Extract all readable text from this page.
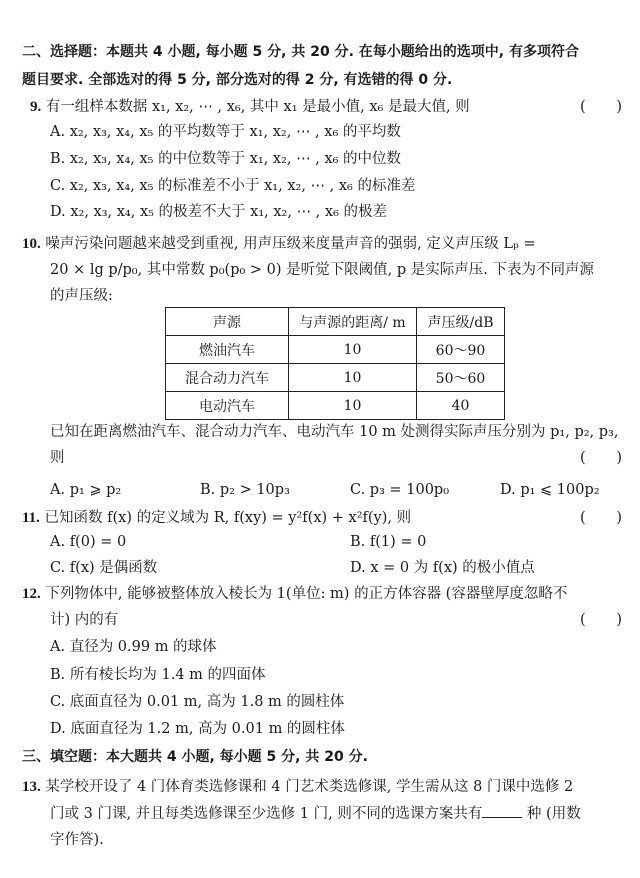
二、选择题：本题共 4 小题, 每小题 5 分, 共 20 分. 在每小题给出的选项中, 有多项符合
题目要求. 全部选对的得 5 分, 部分选对的得 2 分, 有选错的得 0 分.
9. 有一组样本数据 x₁, x₂, ⋯ , x₆, 其中 x₁ 是最小值, x₆ 是最大值, 则	( )
A. x₂, x₃, x₄, x₅ 的平均数等于 x₁, x₂, ⋯ , x₆ 的平均数
B. x₂, x₃, x₄, x₅ 的中位数等于 x₁, x₂, ⋯ , x₆ 的中位数
C. x₂, x₃, x₄, x₅ 的标准差不小于 x₁, x₂, ⋯ , x₆ 的标准差
D. x₂, x₃, x₄, x₅ 的极差不大于 x₁, x₂, ⋯ , x₆ 的极差
10. 噪声污染问题越来越受到重视, 用声压级来度量声音的强弱, 定义声压级 Lₚ =
20 × lg p/p₀, 其中常数 p₀(p₀ > 0) 是听觉下限阈值, p 是实际声压. 下表为不同声源
的声压级:
声源	与声源的距离/ m	声压级/dB
燃油汽车	10	60～90
混合动力汽车	10	50～60
电动汽车	10	40
已知在距离燃油汽车、混合动力汽车、电动汽车 10 m 处测得实际声压分别为 p₁, p₂, p₃,
则	( )
A. p₁ ⩾ p₂	B. p₂ > 10p₃	C. p₃ = 100p₀	D. p₁ ⩽ 100p₂
11. 已知函数 f(x) 的定义域为 R, f(xy) = y²f(x) + x²f(y), 则	( )
A. f(0) = 0	B. f(1) = 0
C. f(x) 是偶函数	D. x = 0 为 f(x) 的极小值点
12. 下列物体中, 能够被整体放入棱长为 1(单位: m) 的正方体容器 (容器壁厚度忽略不
计) 内的有	( )
A. 直径为 0.99 m 的球体
B. 所有棱长均为 1.4 m 的四面体
C. 底面直径为 0.01 m, 高为 1.8 m 的圆柱体
D. 底面直径为 1.2 m, 高为 0.01 m 的圆柱体
三、填空题：本大题共 4 小题, 每小题 5 分, 共 20 分.
13. 某学校开设了 4 门体育类选修课和 4 门艺术类选修课, 学生需从这 8 门课中选修 2
门或 3 门课, 并且每类选修课至少选修 1 门, 则不同的选课方案共有	种 (用数
字作答).
